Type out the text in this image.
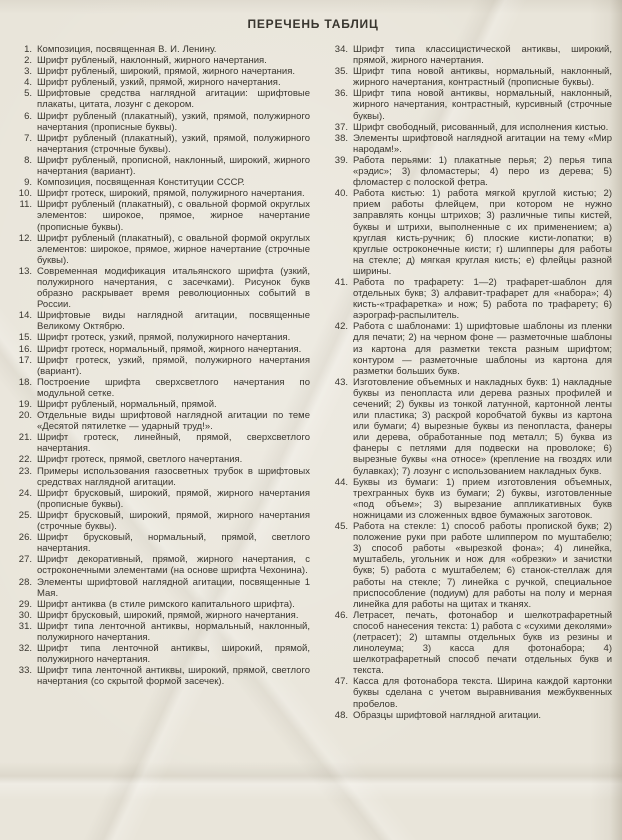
ПЕРЕЧЕНЬ ТАБЛИЦ
1. Композиция, посвященная В. И. Ленину.
2. Шрифт рубленый, наклонный, жирного начертания.
3. Шрифт рубленый, широкий, прямой, жирного начертания.
4. Шрифт рубленый, узкий, прямой, жирного начертания.
5. Шрифтовые средства наглядной агитации: шрифтовые плакаты, цитата, лозунг с декором.
6. Шрифт рубленый (плакатный), узкий, прямой, полужирного начертания (прописные буквы).
7. Шрифт рубленый (плакатный), узкий, прямой, полужирного начертания (строчные буквы).
8. Шрифт рубленый, прописной, наклонный, широкий, жирного начертания (вариант).
9. Композиция, посвященная Конституции СССР.
10. Шрифт гротеск, широкий, прямой, полужирного начертания.
11. Шрифт рубленый (плакатный), с овальной формой округлых элементов: широкое, прямое, жирное начертание (прописные буквы).
12. Шрифт рубленый (плакатный), с овальной формой округлых элементов: широкое, прямое, жирное начертание (строчные буквы).
13. Современная модификация итальянского шрифта (узкий, полужирного начертания, с засечками). Рисунок букв образно раскрывает время революционных событий в России.
14. Шрифтовые виды наглядной агитации, посвященные Великому Октябрю.
15. Шрифт гротеск, узкий, прямой, полужирного начертания.
16. Шрифт гротеск, нормальный, прямой, жирного начертания.
17. Шрифт гротеск, узкий, прямой, полужирного начертания (вариант).
18. Построение шрифта сверхсветлого начертания по модульной сетке.
19. Шрифт рубленый, нормальный, прямой.
20. Отдельные виды шрифтовой наглядной агитации по теме «Десятой пятилетке — ударный труд!».
21. Шрифт гротеск, линейный, прямой, сверхсветлого начертания.
22. Шрифт гротеск, прямой, светлого начертания.
23. Примеры использования газосветных трубок в шрифтовых средствах наглядной агитации.
24. Шрифт брусковый, широкий, прямой, жирного начертания (прописные буквы).
25. Шрифт брусковый, широкий, прямой, жирного начертания (строчные буквы).
26. Шрифт брусковый, нормальный, прямой, светлого начертания.
27. Шрифт декоративный, прямой, жирного начертания, с остроконечными элементами (на основе шрифта Чехонина).
28. Элементы шрифтовой наглядной агитации, посвященные 1 Мая.
29. Шрифт антиква (в стиле римского капитального шрифта).
30. Шрифт брусковый, широкий, прямой, жирного начертания.
31. Шрифт типа ленточной антиквы, нормальный, наклонный, полужирного начертания.
32. Шрифт типа ленточной антиквы, широкий, прямой, полужирного начертания.
33. Шрифт типа ленточной антиквы, широкий, прямой, светлого начертания (со скрытой формой засечек).
34. Шрифт типа классицистической антиквы, широкий, прямой, жирного начертания.
35. Шрифт типа новой антиквы, нормальный, наклонный, жирного начертания, контрастный (прописные буквы).
36. Шрифт типа новой антиквы, нормальный, наклонный, жирного начертания, контрастный, курсивный (строчные буквы).
37. Шрифт свободный, рисованный, для исполнения кистью.
38. Элементы шрифтовой наглядной агитации на тему «Мир народам!».
39. Работа перьями: 1) плакатные перья; 2) перья типа «рэдис»; 3) фломастеры; 4) перо из дерева; 5) фломастер с полоской фетра.
40. Работа кистью: 1) работа мягкой круглой кистью; 2) прием работы флейцем, при котором не нужно заправлять концы штрихов; 3) различные типы кистей, буквы и штрихи, выполненные с их применением; а) круглая кисть-ручник; б) плоские кисти-лопатки; в) круглые остроконечные кисти; г) шлипперы для работы на стекле; д) мягкая круглая кисть; е) флейцы разной ширины.
41. Работа по трафарету: 1—2) трафарет-шаблон для отдельных букв; 3) алфавит-трафарет для «набора»; 4) кисть-«трафаретка» и нож; 5) работа по трафарету; 6) аэрограф-распылитель.
42. Работа с шаблонами: 1) шрифтовые шаблоны из пленки для печати; 2) на черном фоне — разметочные шаблоны из картона для разметки текста разным шрифтом; контуром — разметочные шаблоны из картона для разметки больших букв.
43. Изготовление объемных и накладных букв: 1) накладные буквы из пенопласта или дерева разных профилей и сечений; 2) буквы из тонкой латунной, картонной ленты или пластика; 3) раскрой коробчатой буквы из картона или бумаги; 4) вырезные буквы из пенопласта, фанеры или дерева, обработанные под металл; 5) буква из фанеры с петлями для подвески на проволоке; 6) вырезные буквы «на относе» (крепление на гвоздях или булавках); 7) лозунг с использованием накладных букв.
44. Буквы из бумаги: 1) прием изготовления объемных, трехгранных букв из бумаги; 2) буквы, изготовленные «под объем»; 3) вырезание аппликативных букв ножницами из сложенных вдвое бумажных заготовок.
45. Работа на стекле: 1) способ работы пропиской букв; 2) положение руки при работе шлиппером по муштабелю; 3) способ работы «вырезкой фона»; 4) линейка, муштабель, угольник и нож для «обрезки» и зачистки букв; 5) работа с муштабелем; 6) станок-стеллаж для работы на стекле; 7) линейка с ручкой, специальное приспособление (подиум) для работы на полу и мерная линейка для работы на щитах и тканях.
46. Летрасет, печать, фотонабор и шелкотрафаретный способ нанесения текста: 1) работа с «сухими деколями» (летрасет); 2) штампы отдельных букв из резины и линолеума; 3) касса для фотонабора; 4) шелкотрафаретный способ печати отдельных букв и текста.
47. Касса для фотонабора текста. Ширина каждой картонки буквы сделана с учетом выравнивания межбуквенных пробелов.
48. Образцы шрифтовой наглядной агитации.
